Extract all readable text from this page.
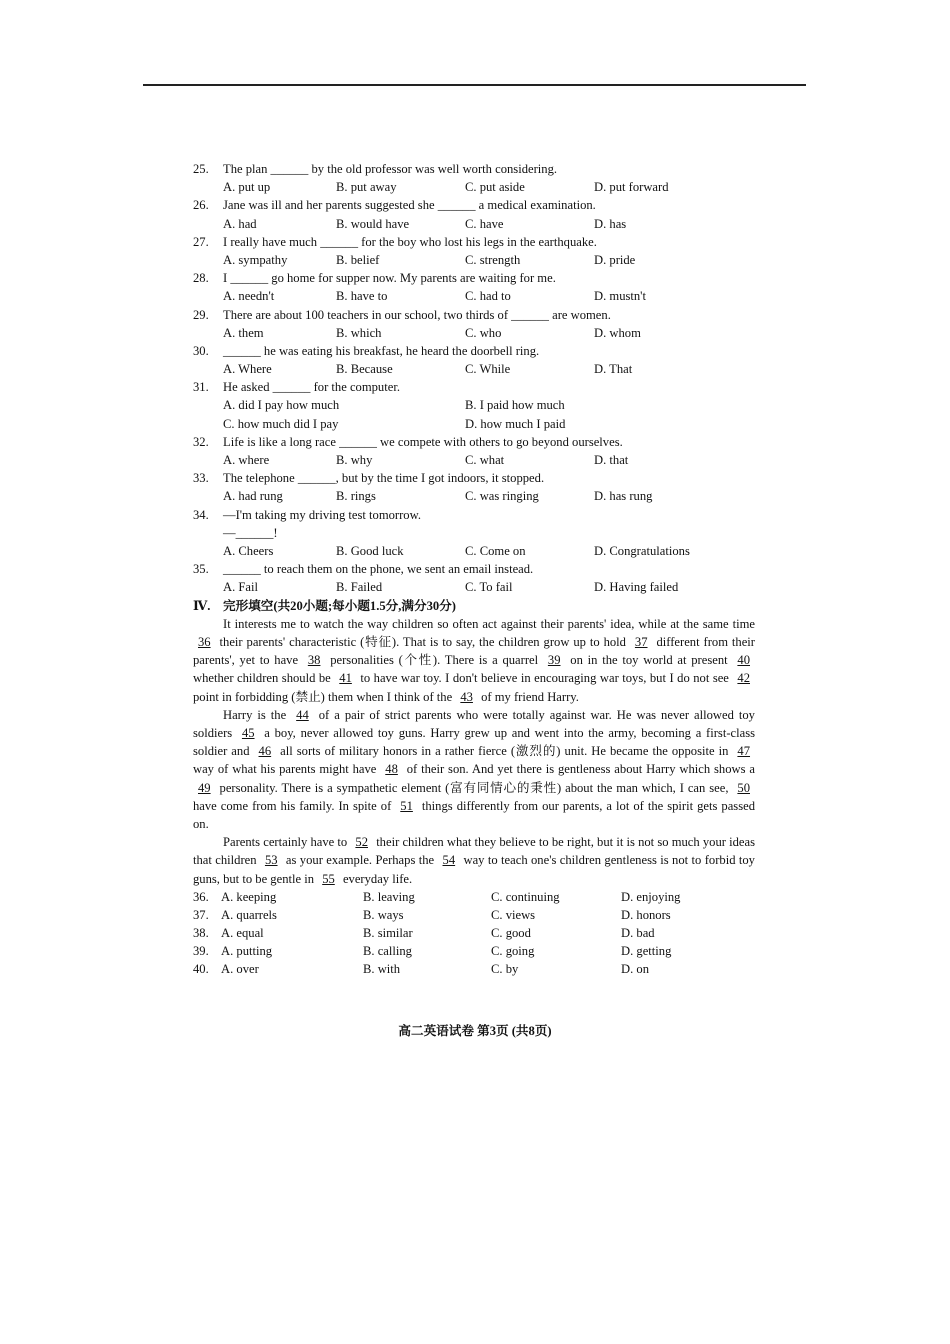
25. The plan ______ by the old professor was well worth considering.
A. put up	B. put away	C. put aside	D. put forward
26. Jane was ill and her parents suggested she ______ a medical examination.
A. had	B. would have	C. have	D. has
27. I really have much ______ for the boy who lost his legs in the earthquake.
A. sympathy	B. belief	C. strength	D. pride
28. I ______ go home for supper now. My parents are waiting for me.
A. needn't	B. have to	C. had to	D. mustn't
29. There are about 100 teachers in our school, two thirds of ______ are women.
A. them	B. which	C. who	D. whom
30. ______ he was eating his breakfast, he heard the doorbell ring.
A. Where	B. Because	C. While	D. That
31. He asked ______ for the computer.
A. did I pay how much	B. I paid how much
C. how much did I pay	D. how much I paid
32. Life is like a long race ______ we compete with others to go beyond ourselves.
A. where	B. why	C. what	D. that
33. The telephone ______, but by the time I got indoors, it stopped.
A. had rung	B. rings	C. was ringing	D. has rung
34. —I'm taking my driving test tomorrow.
—______!
A. Cheers	B. Good luck	C. Come on	D. Congratulations
35. ______ to reach them on the phone, we sent an email instead.
A. Fail	B. Failed	C. To fail	D. Having failed
Ⅳ. 完形填空(共20小题;每小题1.5分,满分30分)

It interests me to watch the way children so often act against their parents' idea, while at the same time 36 their parents' characteristic (特征). That is to say, the children grow up to hold 37 different from their parents', yet to have 38 personalities (个性). There is a quarrel 39 on in the toy world at present 40 whether children should be 41 to have war toy. I don't believe in encouraging war toys, but I do not see 42 point in forbidding (禁止) them when I think of the 43 of my friend Harry.

Harry is the 44 of a pair of strict parents who were totally against war. He was never allowed toy soldiers 45 a boy, never allowed toy guns. Harry grew up and went into the army, becoming a first-class soldier and 46 all sorts of military honors in a rather fierce (激烈的) unit. He became the opposite in 47 way of what his parents might have 48 of their son. And yet there is gentleness about Harry which shows a 49 personality. There is a sympathetic element (富有同情心的秉性) about the man which, I can see, 50 have come from his family. In spite of 51 things differently from our parents, a lot of the spirit gets passed on.

Parents certainly have to 52 their children what they believe to be right, but it is not so much your ideas that children 53 as your example. Perhaps the 54 way to teach one's children gentleness is not to forbid toy guns, but to be gentle in 55 everyday life.

36. A. keeping	B. leaving	C. continuing	D. enjoying
37. A. quarrels	B. ways	C. views	D. honors
38. A. equal	B. similar	C. good	D. bad
39. A. putting	B. calling	C. going	D. getting
40. A. over	B. with	C. by	D. on
高二英语试卷 第3页 (共8页)
